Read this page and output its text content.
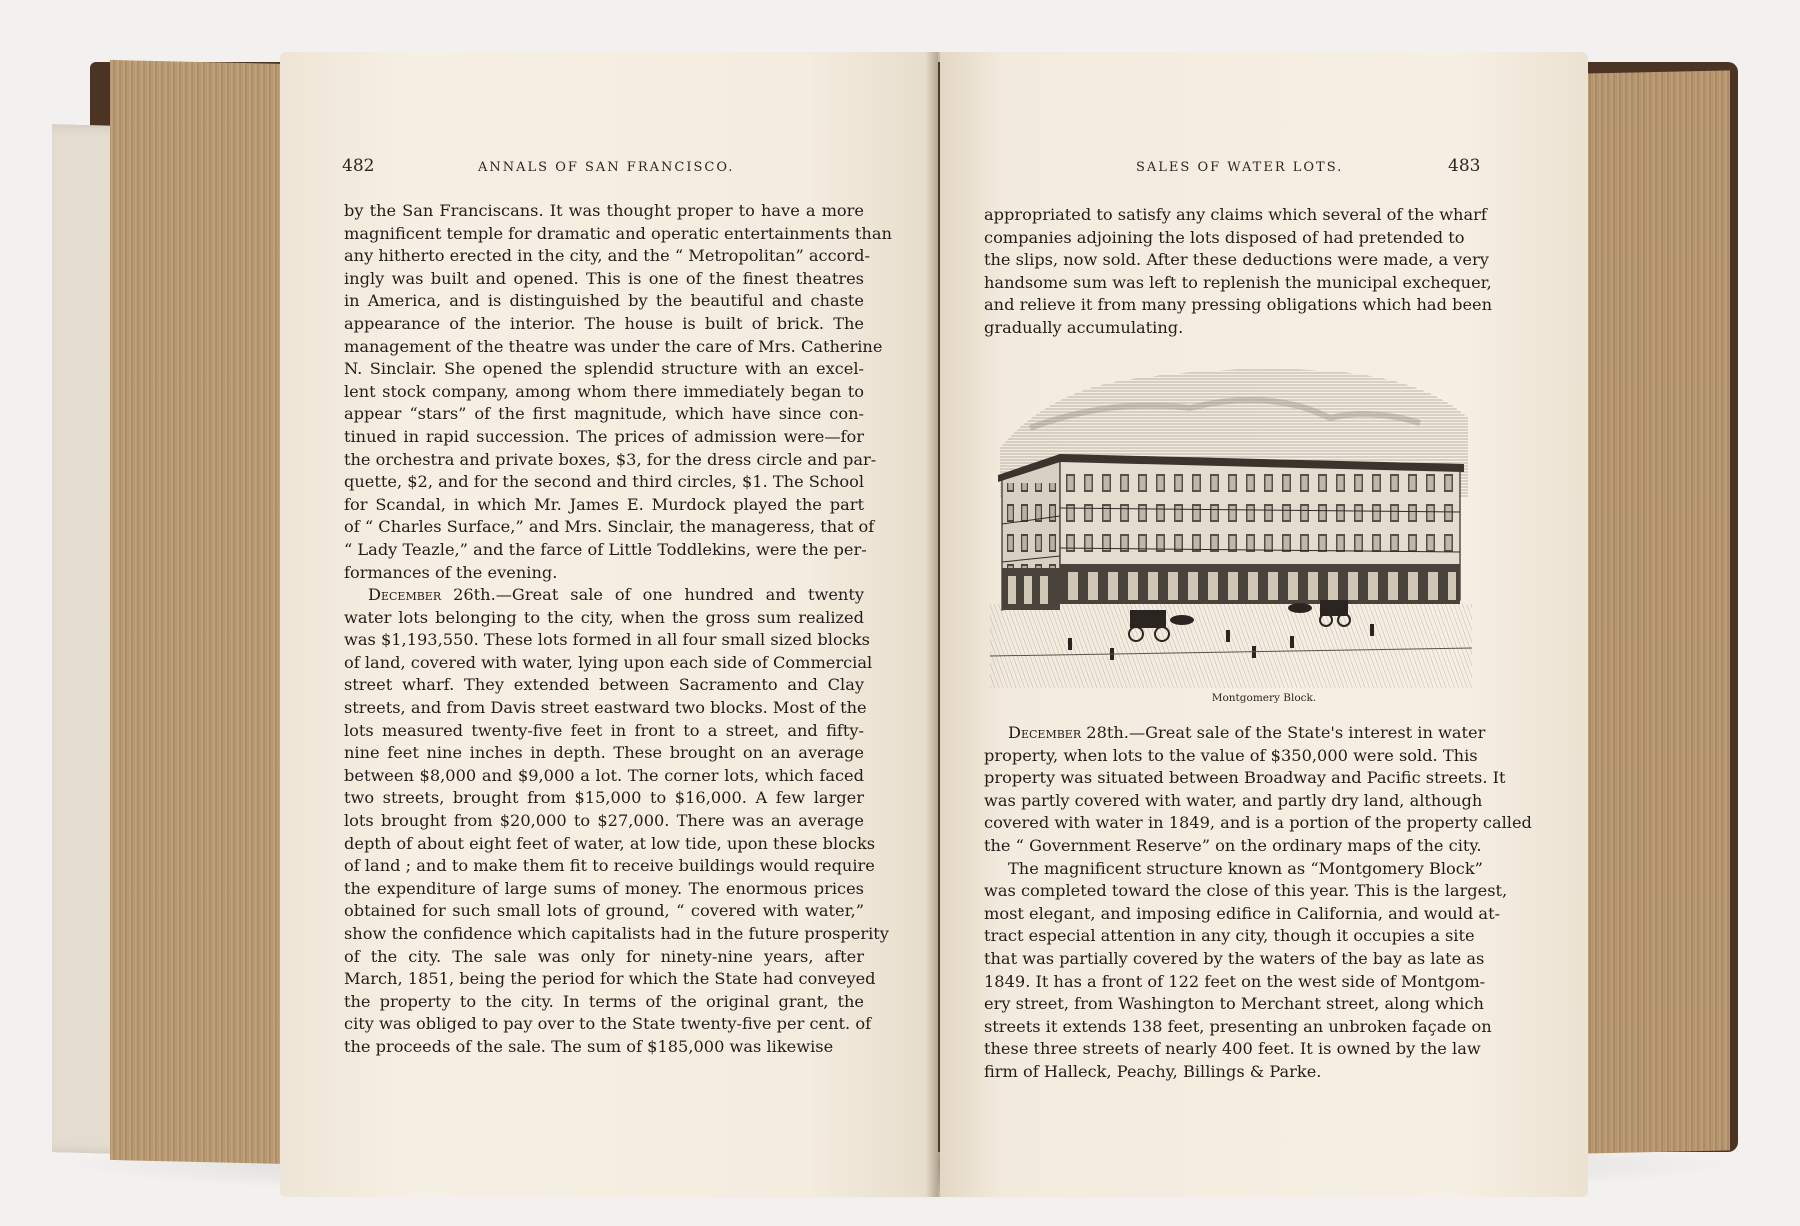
482	ANNALS OF SAN FRANCISCO.

by the San Franciscans. It was thought proper to have a more
magnificent temple for dramatic and operatic entertainments than
any hitherto erected in the city, and the “ Metropolitan” accord-
ingly was built and opened. This is one of the finest theatres
in America, and is distinguished by the beautiful and chaste
appearance of the interior. The house is built of brick. The
management of the theatre was under the care of Mrs. Catherine
N. Sinclair. She opened the splendid structure with an excel-
lent stock company, among whom there immediately began to
appear “stars” of the first magnitude, which have since con-
tinued in rapid succession. The prices of admission were—for
the orchestra and private boxes, $3, for the dress circle and par-
quette, $2, and for the second and third circles, $1. The School
for Scandal, in which Mr. James E. Murdock played the part
of “ Charles Surface,” and Mrs. Sinclair, the manageress, that of
“ Lady Teazle,” and the farce of Little Toddlekins, were the per-
formances of the evening.

December 26th.—Great sale of one hundred and twenty
water lots belonging to the city, when the gross sum realized
was $1,193,550. These lots formed in all four small sized blocks
of land, covered with water, lying upon each side of Commercial
street wharf. They extended between Sacramento and Clay
streets, and from Davis street eastward two blocks. Most of the
lots measured twenty-five feet in front to a street, and fifty-
nine feet nine inches in depth. These brought on an average
between $8,000 and $9,000 a lot. The corner lots, which faced
two streets, brought from $15,000 to $16,000. A few larger
lots brought from $20,000 to $27,000. There was an average
depth of about eight feet of water, at low tide, upon these blocks
of land ; and to make them fit to receive buildings would require
the expenditure of large sums of money. The enormous prices
obtained for such small lots of ground, “ covered with water,”
show the confidence which capitalists had in the future prosperity
of the city. The sale was only for ninety-nine years, after
March, 1851, being the period for which the State had conveyed
the property to the city. In terms of the original grant, the
city was obliged to pay over to the State twenty-five per cent. of
the proceeds of the sale. The sum of $185,000 was likewise

SALES OF WATER LOTS.	483

appropriated to satisfy any claims which several of the wharf
companies adjoining the lots disposed of had pretended to
the slips, now sold. After these deductions were made, a very
handsome sum was left to replenish the municipal exchequer,
and relieve it from many pressing obligations which had been
gradually accumulating.

Montgomery Block.

December 28th.—Great sale of the State's interest in water
property, when lots to the value of $350,000 were sold. This
property was situated between Broadway and Pacific streets. It
was partly covered with water, and partly dry land, although
covered with water in 1849, and is a portion of the property called
the “ Government Reserve” on the ordinary maps of the city.

The magnificent structure known as “Montgomery Block”
was completed toward the close of this year. This is the largest,
most elegant, and imposing edifice in California, and would at-
tract especial attention in any city, though it occupies a site
that was partially covered by the waters of the bay as late as
1849. It has a front of 122 feet on the west side of Montgom-
ery street, from Washington to Merchant street, along which
streets it extends 138 feet, presenting an unbroken façade on
these three streets of nearly 400 feet. It is owned by the law
firm of Halleck, Peachy, Billings & Parke.
